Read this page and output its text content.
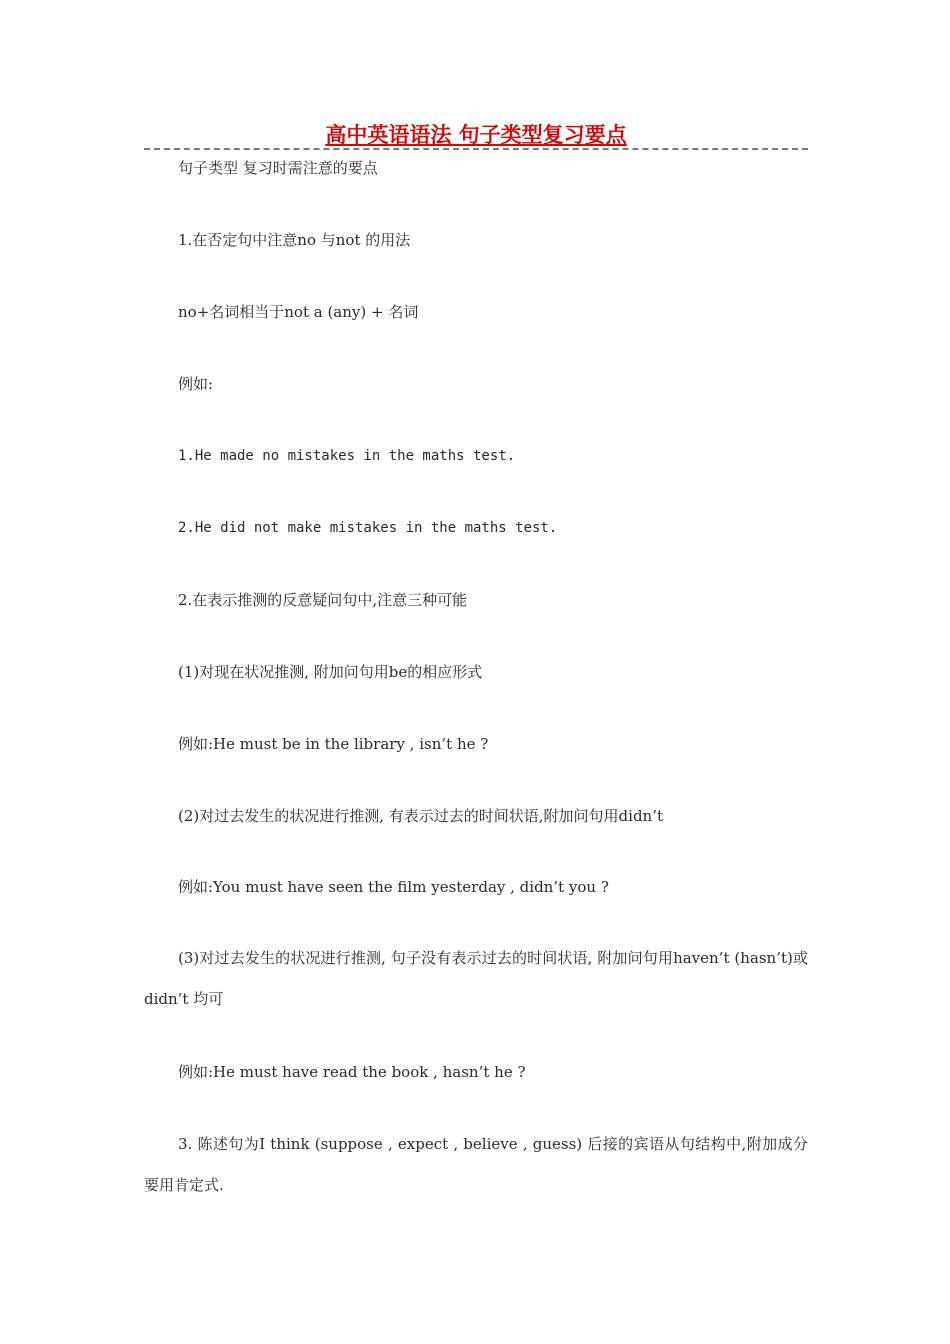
高中英语语法 句子类型复习要点
句子类型 复习时需注意的要点
1.在否定句中注意no 与not 的用法
no+名词相当于not a (any) + 名词
例如:
1.He made no mistakes in the maths test.
2.He did not make mistakes in the maths test.
2.在表示推测的反意疑问句中,注意三种可能
(1)对现在状况推测, 附加问句用be的相应形式
例如:He must be in the library , isn’t he ?
(2)对过去发生的状况进行推测, 有表示过去的时间状语,附加问句用didn’t
例如:You must have seen the film yesterday , didn’t you ?
(3)对过去发生的状况进行推测, 句子没有表示过去的时间状语, 附加问句用haven’t (hasn’t)或didn’t 均可
例如:He must have read the book , hasn’t he ?
3. 陈述句为I think (suppose , expect , believe , guess) 后接的宾语从句结构中,附加成分要用肯定式.
